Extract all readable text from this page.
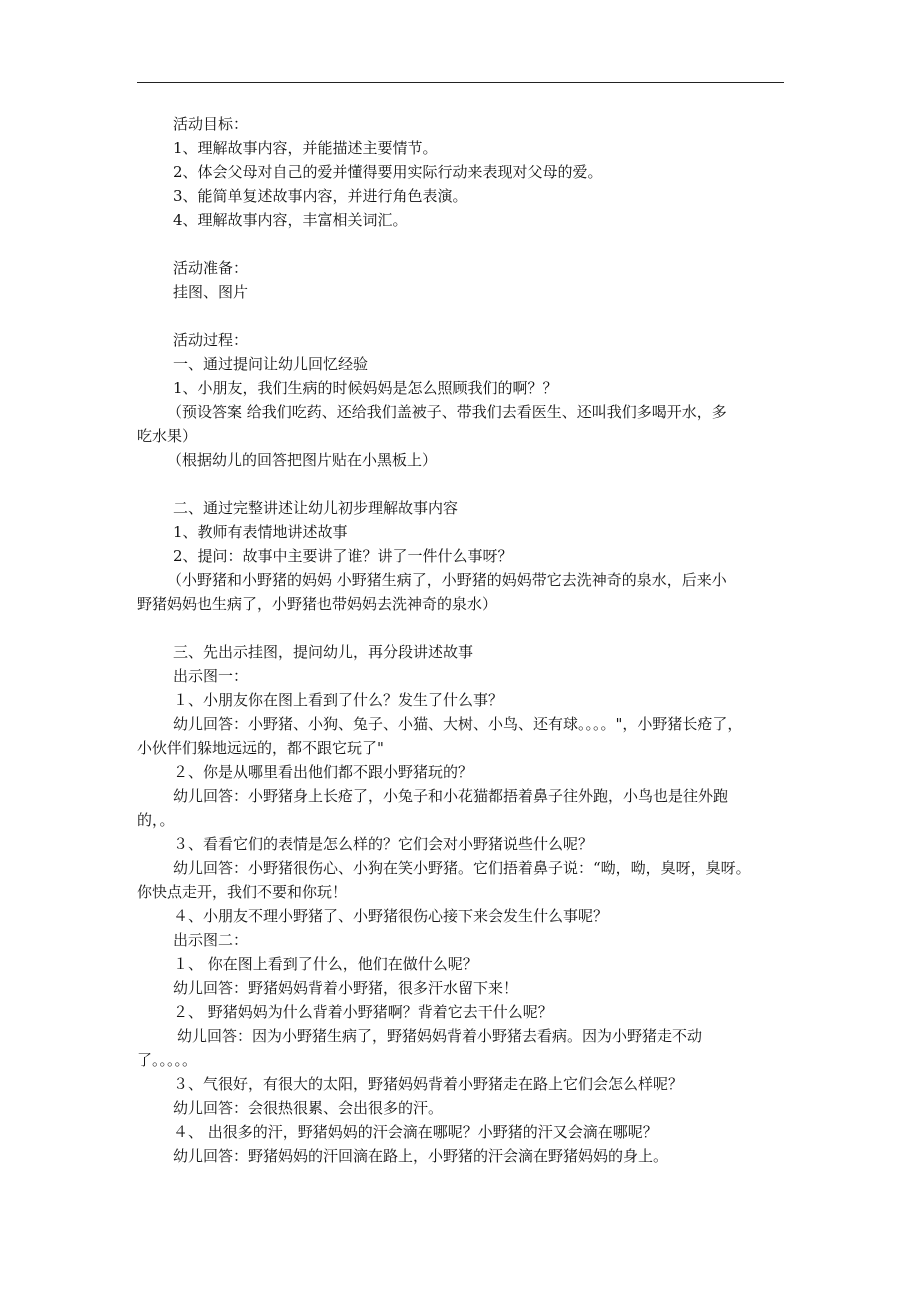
活动目标：
1、理解故事内容，并能描述主要情节。
2、体会父母对自己的爱并懂得要用实际行动来表现对父母的爱。
3、能简单复述故事内容，并进行角色表演。
4、理解故事内容，丰富相关词汇。
活动准备：
挂图、图片
活动过程：
一、通过提问让幼儿回忆经验
1、小朋友，我们生病的时候妈妈是怎么照顾我们的啊？？
（预设答案 给我们吃药、还给我们盖被子、带我们去看医生、还叫我们多喝开水，多
吃水果）
（根据幼儿的回答把图片贴在小黑板上）
二、通过完整讲述让幼儿初步理解故事内容
1、教师有表情地讲述故事
2、提问：故事中主要讲了谁？讲了一件什么事呀？
（小野猪和小野猪的妈妈 小野猪生病了，小野猪的妈妈带它去洗神奇的泉水，后来小
野猪妈妈也生病了，小野猪也带妈妈去洗神奇的泉水）
三、先出示挂图，提问幼儿，再分段讲述故事
出示图一：
１、小朋友你在图上看到了什么？发生了什么事？
幼儿回答：小野猪、小狗、兔子、小猫、大树、小鸟、还有球。。。。"，小野猪长疮了，
小伙伴们躲地远远的，都不跟它玩了"
２、你是从哪里看出他们都不跟小野猪玩的？
幼儿回答：小野猪身上长疮了，小兔子和小花猫都捂着鼻子往外跑，小鸟也是往外跑
的，。
３、看看它们的表情是怎么样的？它们会对小野猪说些什么呢？
幼儿回答：小野猪很伤心、小狗在笑小野猪。它们捂着鼻子说：“呦，呦，臭呀，臭呀。
你快点走开，我们不要和你玩！
４、小朋友不理小野猪了、小野猪很伤心接下来会发生什么事呢？
出示图二：
１、 你在图上看到了什么，他们在做什么呢？
幼儿回答：野猪妈妈背着小野猪，很多汗水留下来！
２、 野猪妈妈为什么背着小野猪啊？背着它去干什么呢？
幼儿回答：因为小野猪生病了，野猪妈妈背着小野猪去看病。因为小野猪走不动
了。。。。。
３、气很好，有很大的太阳，野猪妈妈背着小野猪走在路上它们会怎么样呢？
幼儿回答：会很热很累、会出很多的汗。
４、 出很多的汗，野猪妈妈的汗会滴在哪呢？小野猪的汗又会滴在哪呢？
幼儿回答：野猪妈妈的汗回滴在路上，小野猪的汗会滴在野猪妈妈的身上。
